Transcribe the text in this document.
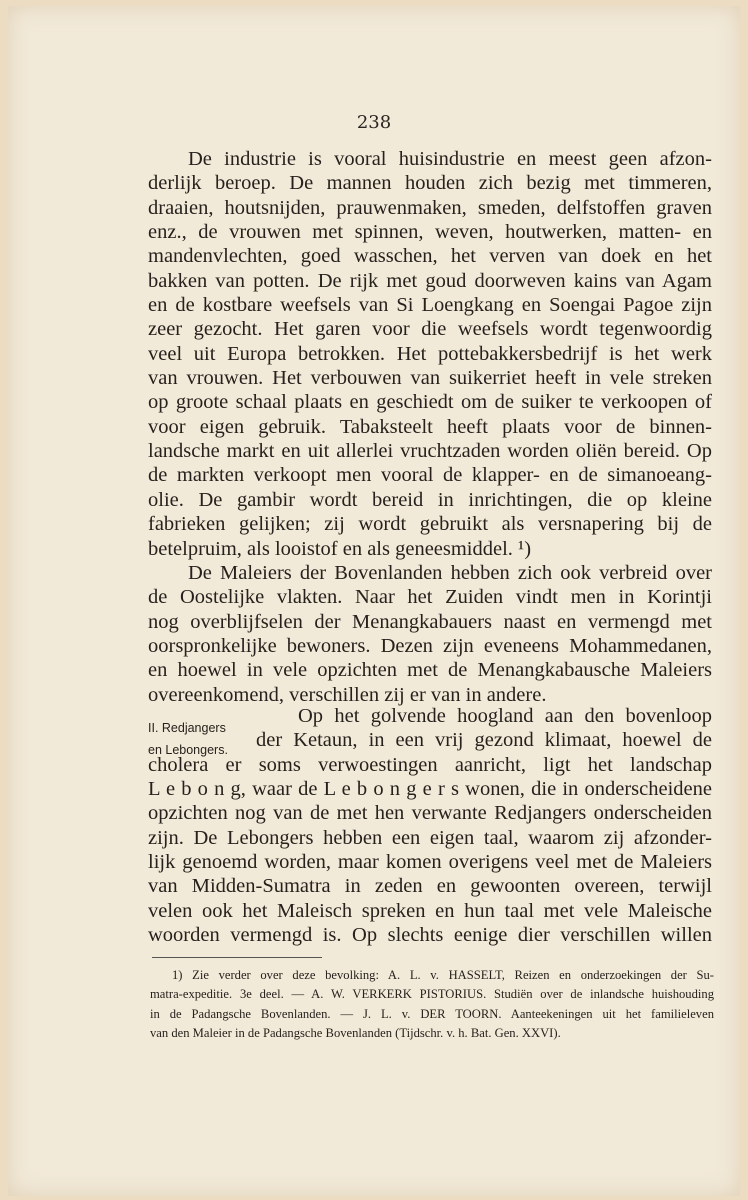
238
De industrie is vooral huisindustrie en meest geen afzon-
derlijk beroep. De mannen houden zich bezig met timmeren,
draaien, houtsnijden, prauwenmaken, smeden, delfstoffen graven
enz., de vrouwen met spinnen, weven, houtwerken, matten- en
mandenvlechten, goed wasschen, het verven van doek en het
bakken van potten. De rijk met goud doorweven kains van Agam
en de kostbare weefsels van Si Loengkang en Soengai Pagoe zijn
zeer gezocht. Het garen voor die weefsels wordt tegenwoordig
veel uit Europa betrokken. Het pottebakkersbedrijf is het werk
van vrouwen. Het verbouwen van suikerriet heeft in vele streken
op groote schaal plaats en geschiedt om de suiker te verkoopen of
voor eigen gebruik. Tabaksteelt heeft plaats voor de binnen-
landsche markt en uit allerlei vruchtzaden worden oliën bereid. Op
de markten verkoopt men vooral de klapper- en de simanoeang-
olie. De gambir wordt bereid in inrichtingen, die op kleine
fabrieken gelijken; zij wordt gebruikt als versnapering bij de
betelpruim, als looistof en als geneesmiddel. ¹)
De Maleiers der Bovenlanden hebben zich ook verbreid over
de Oostelijke vlakten. Naar het Zuiden vindt men in Korintji
nog overblijfselen der Menangkabauers naast en vermengd met
oorspronkelijke bewoners. Dezen zijn eveneens Mohammedanen,
en hoewel in vele opzichten met de Menangkabausche Maleiers
overeenkomend, verschillen zij er van in andere.
II. Redjangers
en Lebongers.
Op het golvende hoogland aan den bovenloop
der Ketaun, in een vrij gezond klimaat, hoewel de
cholera er soms verwoestingen aanricht, ligt het landschap
L e b o n g, waar de L e b o n g e r s wonen, die in onderscheidene
opzichten nog van de met hen verwante Redjangers onderscheiden
zijn. De Lebongers hebben een eigen taal, waarom zij afzonder-
lijk genoemd worden, maar komen overigens veel met de Maleiers
van Midden-Sumatra in zeden en gewoonten overeen, terwijl
velen ook het Maleisch spreken en hun taal met vele Maleische
woorden vermengd is. Op slechts eenige dier verschillen willen
1) Zie verder over deze bevolking: A. L. v. HASSELT, Reizen en onderzoekingen der Su-
matra-expeditie. 3e deel. — A. W. VERKERK PISTORIUS. Studiën over de inlandsche huishouding
in de Padangsche Bovenlanden. — J. L. v. DER TOORN. Aanteekeningen uit het familieleven
van den Maleier in de Padangsche Bovenlanden (Tijdschr. v. h. Bat. Gen. XXVI).
